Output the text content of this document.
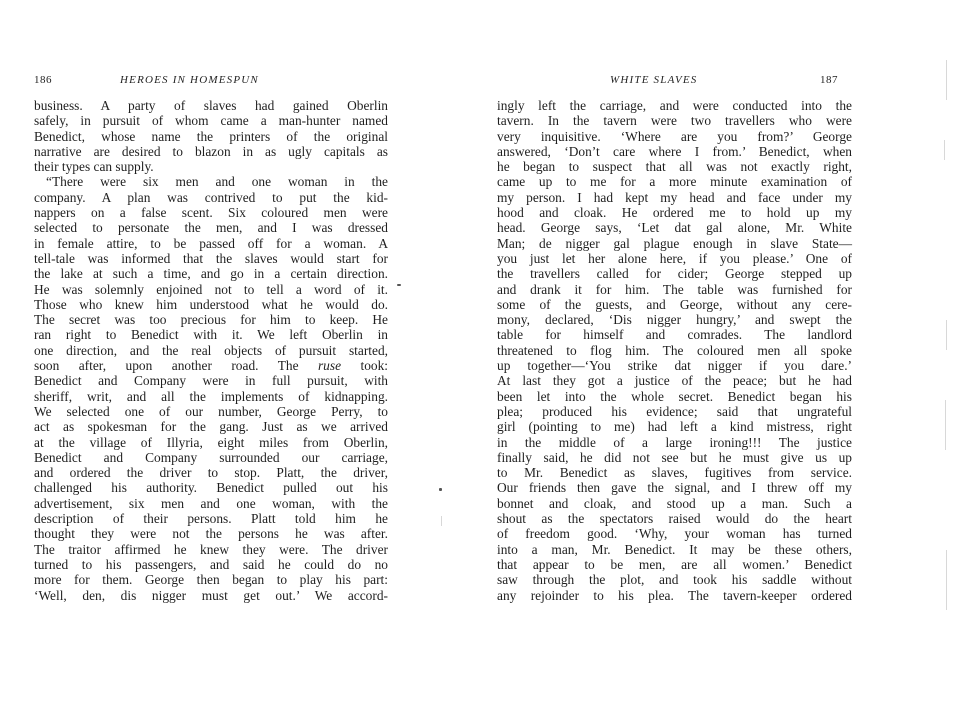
186	HEROES IN HOMESPUN
business. A party of slaves had gained Oberlin
safely, in pursuit of whom came a man-hunter named
Benedict, whose name the printers of the original
narrative are desired to blazon in as ugly capitals as
their types can supply.
“There were six men and one woman in the
company. A plan was contrived to put the kid-
nappers on a false scent. Six coloured men were
selected to personate the men, and I was dressed
in female attire, to be passed off for a woman. A
tell-tale was informed that the slaves would start for
the lake at such a time, and go in a certain direction.
He was solemnly enjoined not to tell a word of it.
Those who knew him understood what he would do.
The secret was too precious for him to keep. He
ran right to Benedict with it. We left Oberlin in
one direction, and the real objects of pursuit started,
soon after, upon another road. The ruse took:
Benedict and Company were in full pursuit, with
sheriff, writ, and all the implements of kidnapping.
We selected one of our number, George Perry, to
act as spokesman for the gang. Just as we arrived
at the village of Illyria, eight miles from Oberlin,
Benedict and Company surrounded our carriage,
and ordered the driver to stop. Platt, the driver,
challenged his authority. Benedict pulled out his
advertisement, six men and one woman, with the
description of their persons. Platt told him he
thought they were not the persons he was after.
The traitor affirmed he knew they were. The driver
turned to his passengers, and said he could do no
more for them. George then began to play his part:
‘Well, den, dis nigger must get out.’ We accord-
WHITE SLAVES	187
ingly left the carriage, and were conducted into the
tavern. In the tavern were two travellers who were
very inquisitive. ‘Where are you from?’ George
answered, ‘Don’t care where I from.’ Benedict, when
he began to suspect that all was not exactly right,
came up to me for a more minute examination of
my person. I had kept my head and face under my
hood and cloak. He ordered me to hold up my
head. George says, ‘Let dat gal alone, Mr. White
Man; de nigger gal plague enough in slave State—
you just let her alone here, if you please.’ One of
the travellers called for cider; George stepped up
and drank it for him. The table was furnished for
some of the guests, and George, without any cere-
mony, declared, ‘Dis nigger hungry,’ and swept the
table for himself and comrades. The landlord
threatened to flog him. The coloured men all spoke
up together—‘You strike dat nigger if you dare.’
At last they got a justice of the peace; but he had
been let into the whole secret. Benedict began his
plea; produced his evidence; said that ungrateful
girl (pointing to me) had left a kind mistress, right
in the middle of a large ironing!!! The justice
finally said, he did not see but he must give us up
to Mr. Benedict as slaves, fugitives from service.
Our friends then gave the signal, and I threw off my
bonnet and cloak, and stood up a man. Such a
shout as the spectators raised would do the heart
of freedom good. ‘Why, your woman has turned
into a man, Mr. Benedict. It may be these others,
that appear to be men, are all women.’ Benedict
saw through the plot, and took his saddle without
any rejoinder to his plea. The tavern-keeper ordered
